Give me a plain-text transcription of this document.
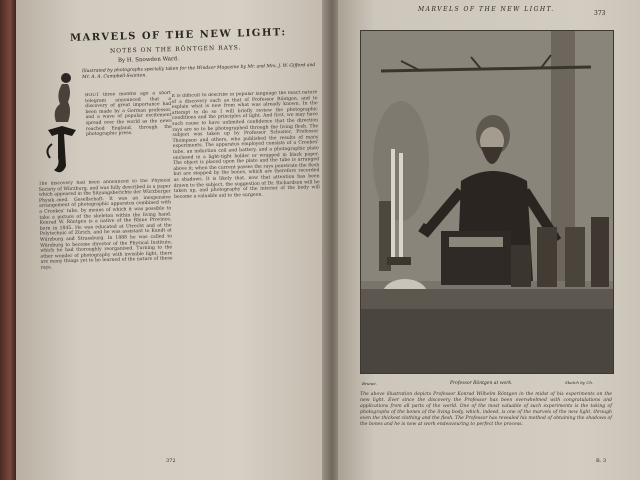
MARVELS OF THE NEW LIGHT:
NOTES ON THE RÖNTGEN RAYS.
By H. Snowden Ward.
Illustrated by photographs specially taken for the Windsor Magazine by Mr. and Mrs. J. W. Gifford and Mr. A. A. Campbell-Swinton.
BOUT three months ago a short telegram announced that a discovery of great importance had been made by a German professor, and a wave of popular excitement spread over the world as the news reached England, through the photographic press.
The discovery had been announced to the Physical Society of Würzburg, and was fully described in a paper which appeared in the Sitzungsberichte der Würzburger Physik.-med. Gesellschaft. It was an inexpensive arrangement of photographic apparatus combined with a Crookes' tube, by means of which it was possible to take a picture of the skeleton within the living hand. Konrad W. Röntgen is a native of the Rhine Province, born in 1845. He was educated at Utrecht and at the Polytechnic of Zürich, and he was assistant to Kundt at Würzburg and Strassburg. In 1888 he was called to Würzburg to become director of the Physical Institute, which he had thoroughly reorganised. Turning to the other wonder of photography with invisible light, there are many things yet to be learned of the nature of these rays.
It is difficult to describe in popular language the exact nature of a discovery such as that of Professor Röntgen, and to explain what is new from what was already known. In the attempt to do so I will briefly review the photographic conditions and the principles of light. And first, we may have such cause to have unlimited confidence that the direction rays are so to be photographed through the living flesh. The subject was taken up by Professor Schuster, Professor Thompson and others, who published the results of many experiments. The apparatus employed consists of a Crookes' tube, an induction coil and battery, and a photographic plate enclosed in a light-tight holder or wrapped in black paper. The object is placed upon the plate and the tube is arranged above it; when the current passes the rays penetrate the flesh but are stopped by the bones, which are therefore recorded as shadows. It is likely that, now that attention has been drawn to the subject, the suggestion of Dr. Richardson will be taken up, and photography of the interior of the body will become a valuable aid to the surgeon.
372
MARVELS OF THE NEW LIGHT.
373
Brunei.	Professor Röntgen at work.	Sketch by Ch.
The above illustration depicts Professor Konrad Wilhelm Röntgen in the midst of his experiments on the new light. Ever since the discovery the Professor has been overwhelmed with congratulations and applications from all parts of the world. One of the most valuable of such experiments is the taking of photographs of the bones of the living body, which, indeed, is one of the marvels of the new light, through even the thickest clothing and the flesh. The Professor has revealed his method of obtaining the shadows of the bones and he is now at work endeavouring to perfect the process.
B. 3
